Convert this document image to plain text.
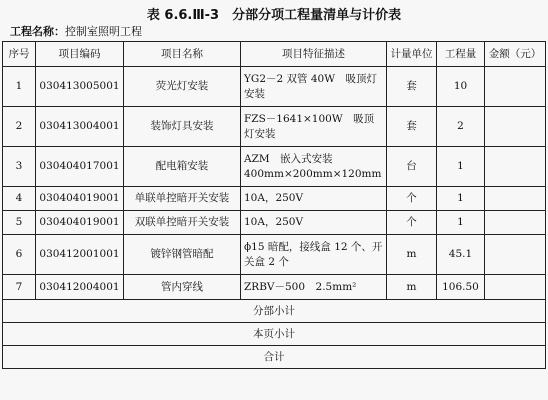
表 6.6.Ⅲ-3　分部分项工程量清单与计价表
工程名称：控制室照明工程
序号	项目编码	项目名称	项目特征描述	计量单位	工程量	金额（元）
1	030413005001	荧光灯安装	YG2－2 双管 40W　吸顶灯安装	套	10	
2	030413004001	装饰灯具安装	FZS－1641×100W　吸顶灯安装	套	2	
3	030404017001	配电箱安装	AZM　嵌入式安装 400mm×200mm×120mm	台	1	
4	030404019001	单联单控暗开关安装	10A，250V	个	1	
5	030404019001	双联单控暗开关安装	10A，250V	个	1	
6	030412001001	镀锌钢管暗配	ϕ15 暗配，接线盒 12 个、开关盒 2 个	m	45.1	
7	030412004001	管内穿线	ZRBV－500　2.5mm²	m	106.50	
分部小计						
本页小计						
合计						
